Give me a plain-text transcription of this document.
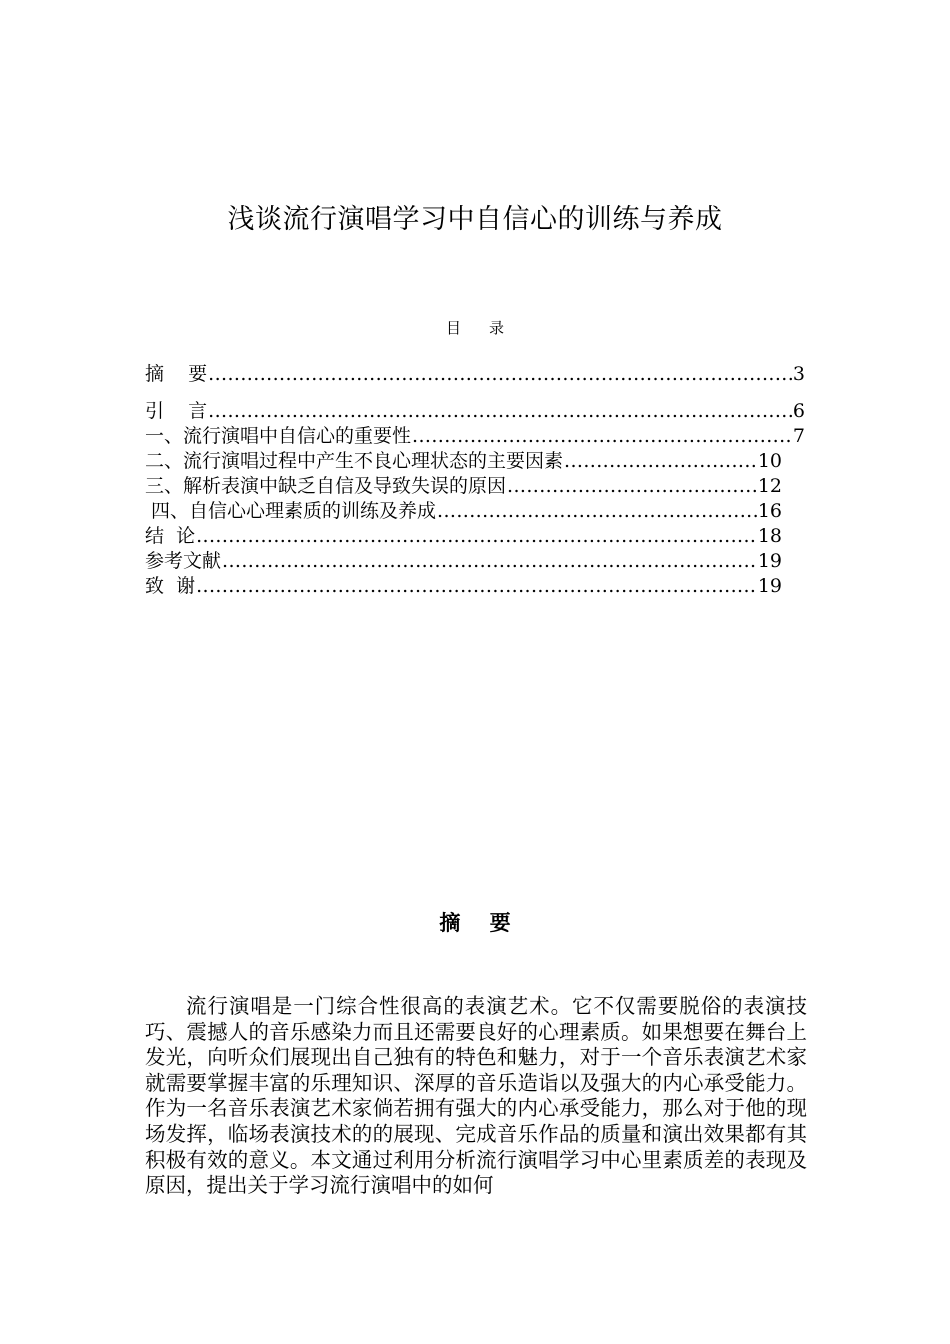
浅谈流行演唱学习中自信心的训练与养成
目录
摘    要 .....	3
引    言 .....	6
一、流行演唱中自信心的重要性 .....	7
二、流行演唱过程中产生不良心理状态的主要因素 .....	10
三、解析表演中缺乏自信及导致失误的原因 .....	12
四、自信心心理素质的训练及养成 .....	16
结  论 .....	18
参考文献 .....	19
致  谢 .....	19
摘    要

流行演唱是一门综合性很高的表演艺术。它不仅需要脱俗的表演技巧、震撼人的音乐感染力而且还需要良好的心理素质。如果想要在舞台上发光，向听众们展现出自己独有的特色和魅力，对于一个音乐表演艺术家就需要掌握丰富的乐理知识、深厚的音乐造诣以及强大的内心承受能力。作为一名音乐表演艺术家倘若拥有强大的内心承受能力，那么对于他的现场发挥，临场表演技术的的展现、完成音乐作品的质量和演出效果都有其积极有效的意义。本文通过利用分析流行演唱学习中心里素质差的表现及原因，提出关于学习流行演唱中的如何
